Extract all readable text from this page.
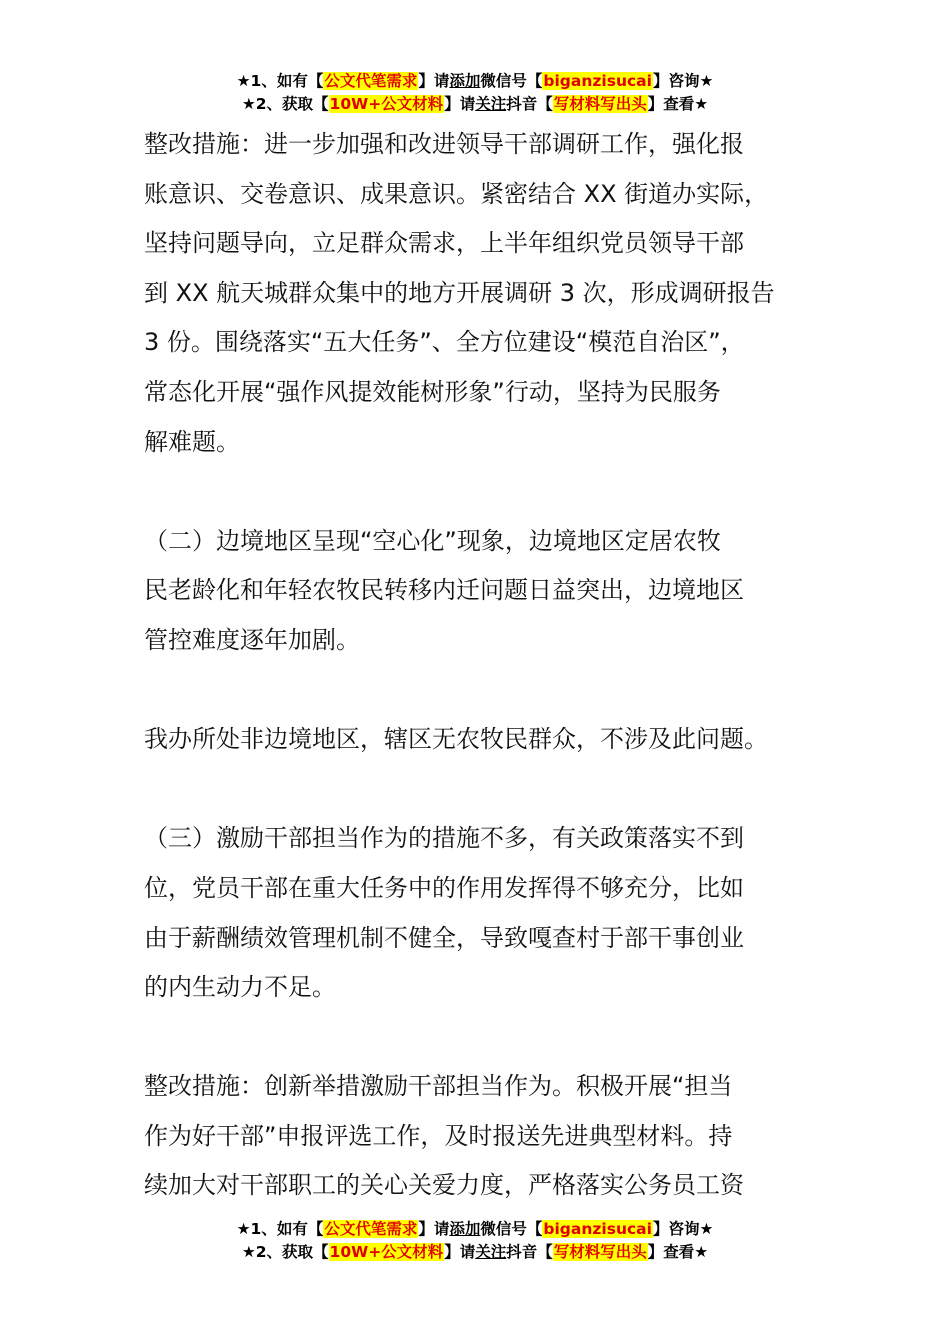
★1、如有【公文代笔需求】请添加微信号【biganzisucai】咨询★
★2、获取【10W+公文材料】请关注抖音【写材料写出头】查看★

整改措施：进一步加强和改进领导干部调研工作，强化报
账意识、交卷意识、成果意识。紧密结合 XX 街道办实际，
坚持问题导向，立足群众需求，上半年组织党员领导干部
到 XX 航天城群众集中的地方开展调研 3 次，形成调研报告
3 份。围绕落实“五大任务”、全方位建设“模范自治区”，
常态化开展“强作风提效能树形象”行动，坚持为民服务
解难题。

（二）边境地区呈现“空心化”现象，边境地区定居农牧
民老龄化和年轻农牧民转移内迁问题日益突出，边境地区
管控难度逐年加剧。

我办所处非边境地区，辖区无农牧民群众，不涉及此问题。

（三）激励干部担当作为的措施不多，有关政策落实不到
位，党员干部在重大任务中的作用发挥得不够充分，比如
由于薪酬绩效管理机制不健全，导致嘎查村于部干事创业
的内生动力不足。

整改措施：创新举措激励干部担当作为。积极开展“担当
作为好干部”申报评选工作，及时报送先进典型材料。持
续加大对干部职工的关心关爱力度，严格落实公务员工资

★1、如有【公文代笔需求】请添加微信号【biganzisucai】咨询★
★2、获取【10W+公文材料】请关注抖音【写材料写出头】查看★
